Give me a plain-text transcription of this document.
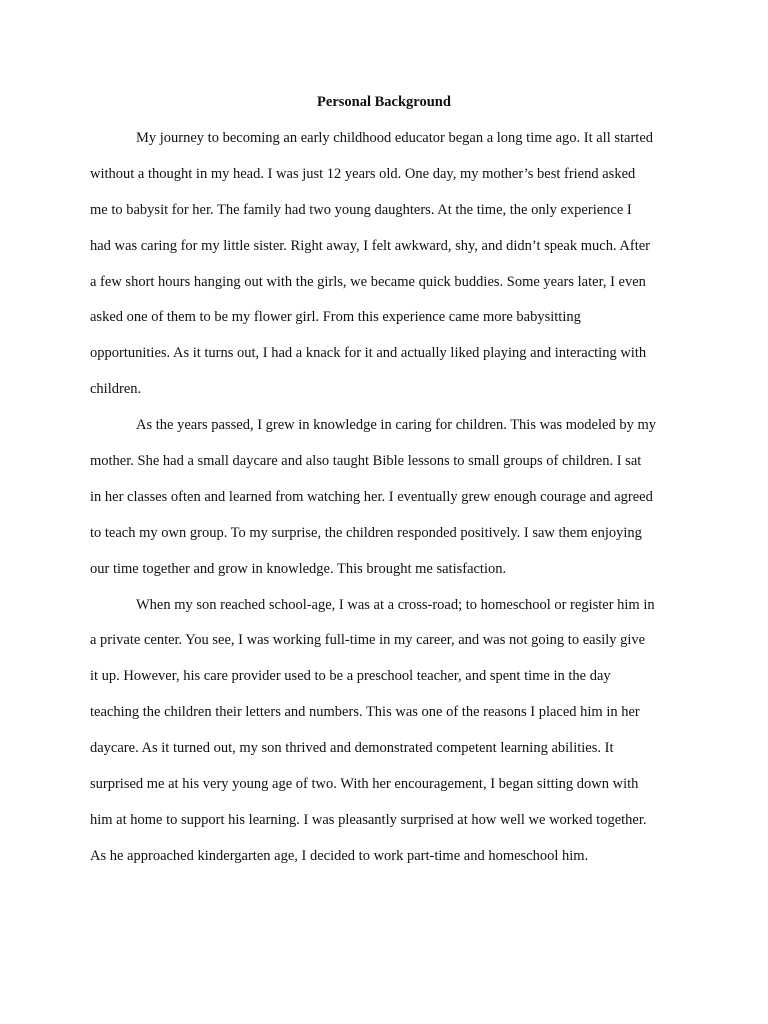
Personal Background
My journey to becoming an early childhood educator began a long time ago. It all started
without a thought in my head. I was just 12 years old. One day, my mother’s best friend asked
me to babysit for her. The family had two young daughters. At the time, the only experience I
had was caring for my little sister. Right away, I felt awkward, shy, and didn’t speak much. After
a few short hours hanging out with the girls, we became quick buddies. Some years later, I even
asked one of them to be my flower girl. From this experience came more babysitting
opportunities. As it turns out, I had a knack for it and actually liked playing and interacting with
children.
As the years passed, I grew in knowledge in caring for children. This was modeled by my
mother. She had a small daycare and also taught Bible lessons to small groups of children. I sat
in her classes often and learned from watching her. I eventually grew enough courage and agreed
to teach my own group. To my surprise, the children responded positively. I saw them enjoying
our time together and grow in knowledge. This brought me satisfaction.
When my son reached school-age, I was at a cross-road; to homeschool or register him in
a private center. You see, I was working full-time in my career, and was not going to easily give
it up. However, his care provider used to be a preschool teacher, and spent time in the day
teaching the children their letters and numbers. This was one of the reasons I placed him in her
daycare. As it turned out, my son thrived and demonstrated competent learning abilities. It
surprised me at his very young age of two. With her encouragement, I began sitting down with
him at home to support his learning. I was pleasantly surprised at how well we worked together.
As he approached kindergarten age, I decided to work part-time and homeschool him.
